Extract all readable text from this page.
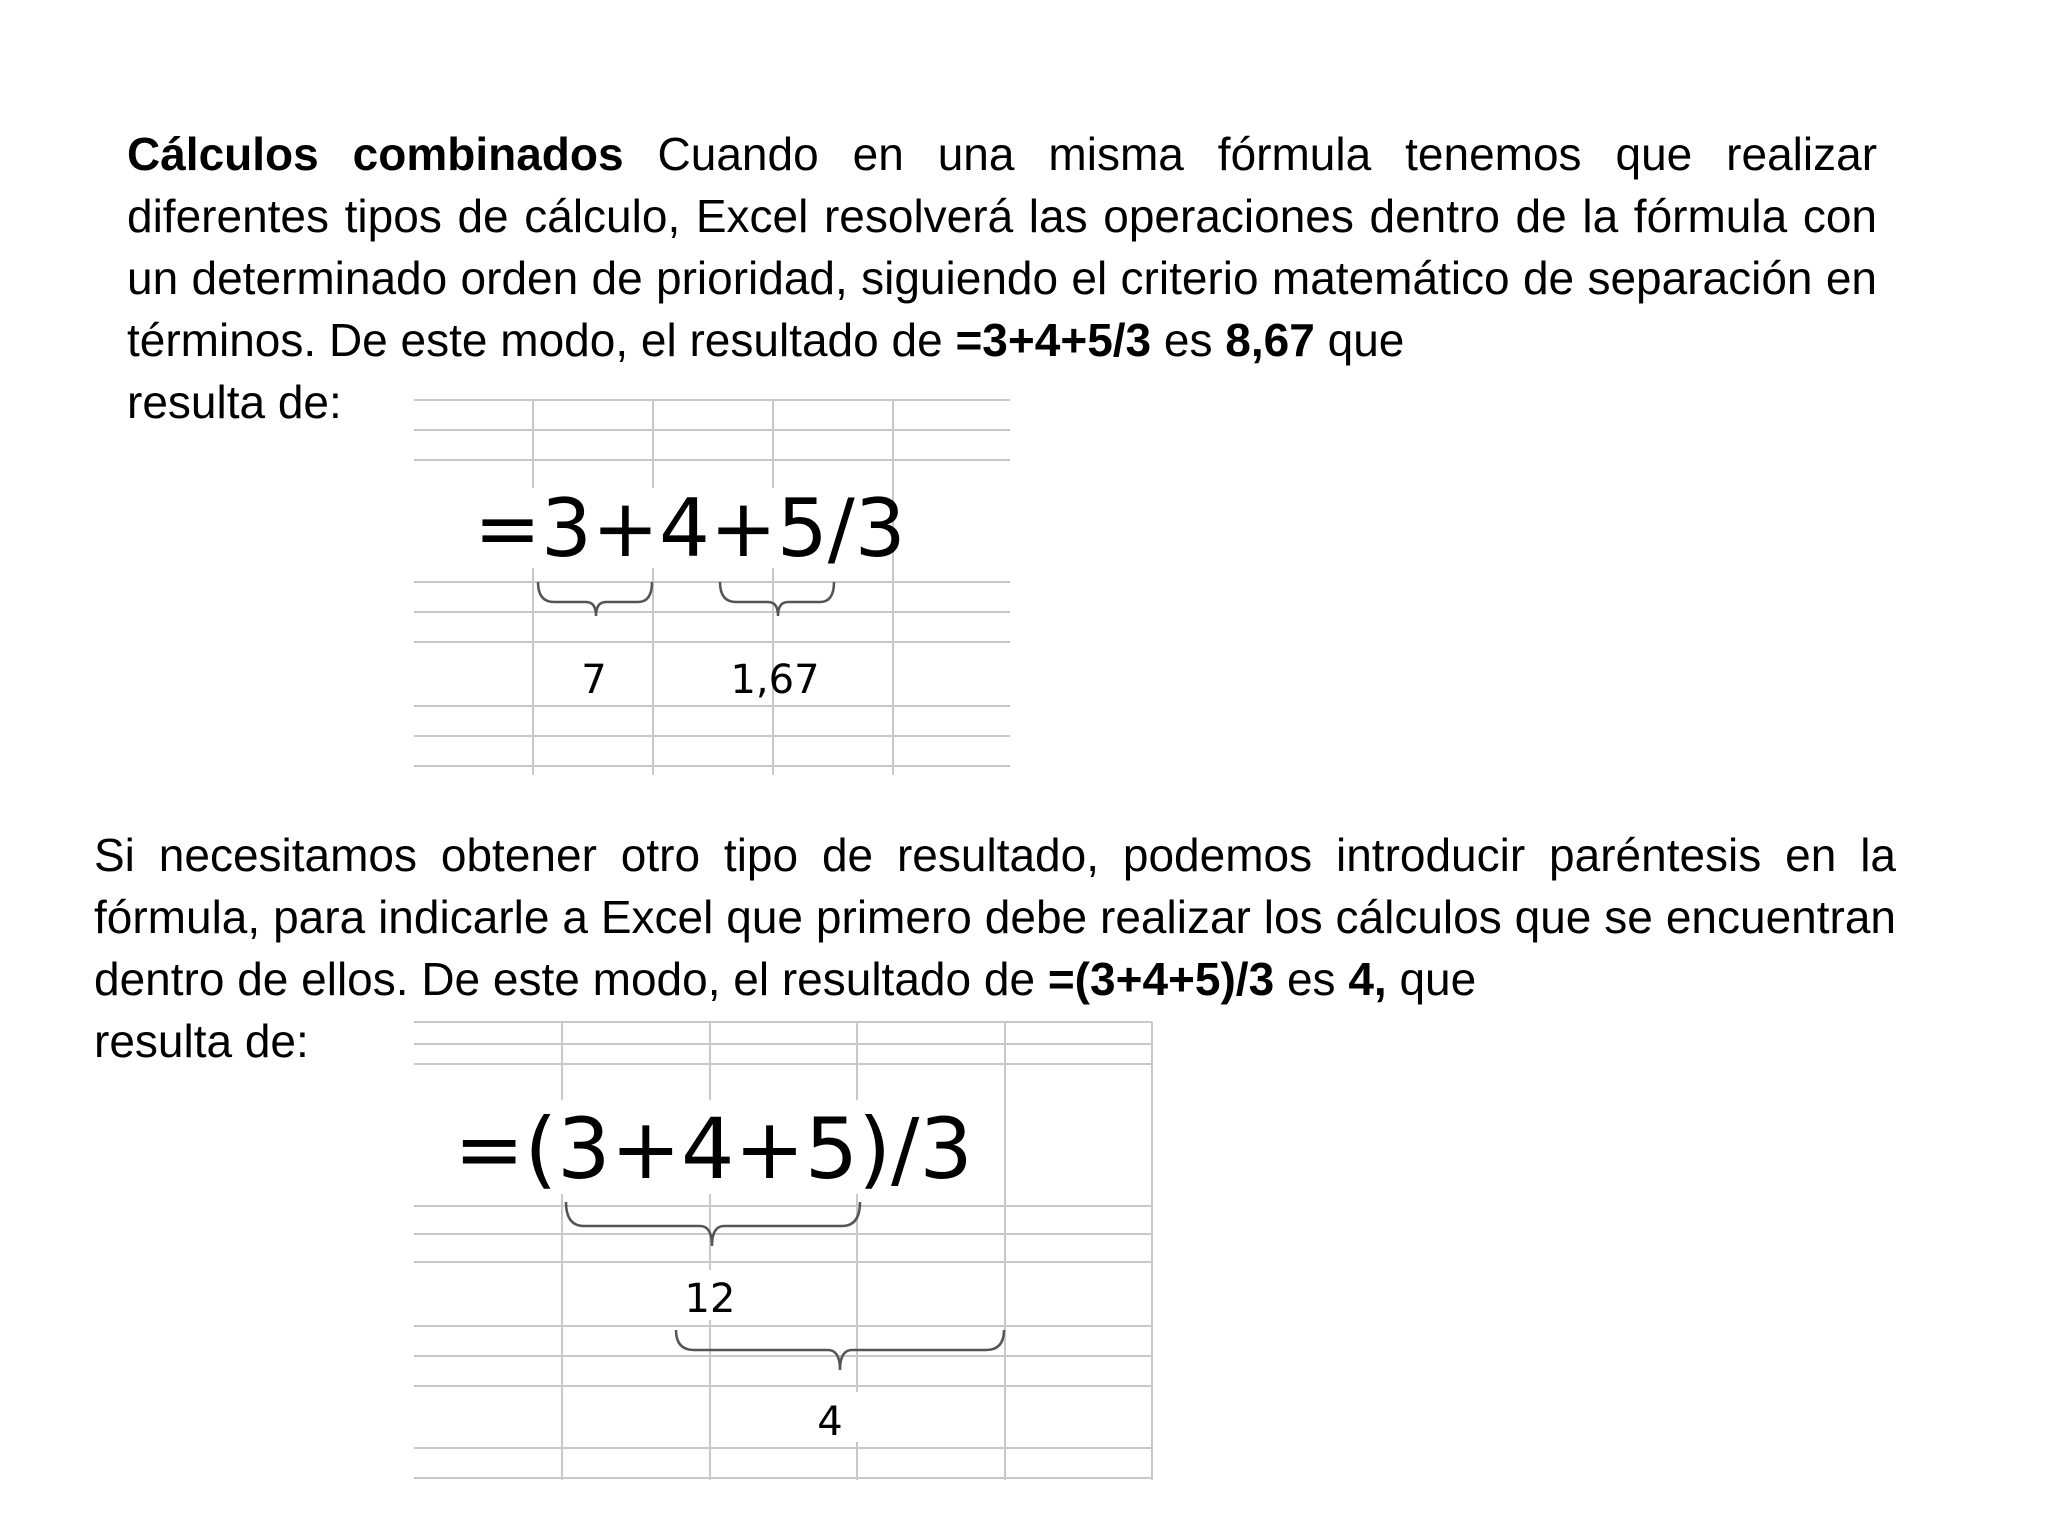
Cálculos combinados Cuando en una misma fórmula tenemos que realizar diferentes tipos de cálculo, Excel resolverá las operaciones dentro de la fórmula con un determinado orden de prioridad, siguiendo el criterio matemático de separación en términos. De este modo, el resultado de =3+4+5/3 es 8,67 que
resulta de:

=3+4+5/3
7	1,67

Si necesitamos obtener otro tipo de resultado, podemos introducir paréntesis en la fórmula, para indicarle a Excel que primero debe realizar los cálculos que se encuentran dentro de ellos. De este modo, el resultado de =(3+4+5)/3 es 4, que
resulta de:

=(3+4+5)/3
12
4
